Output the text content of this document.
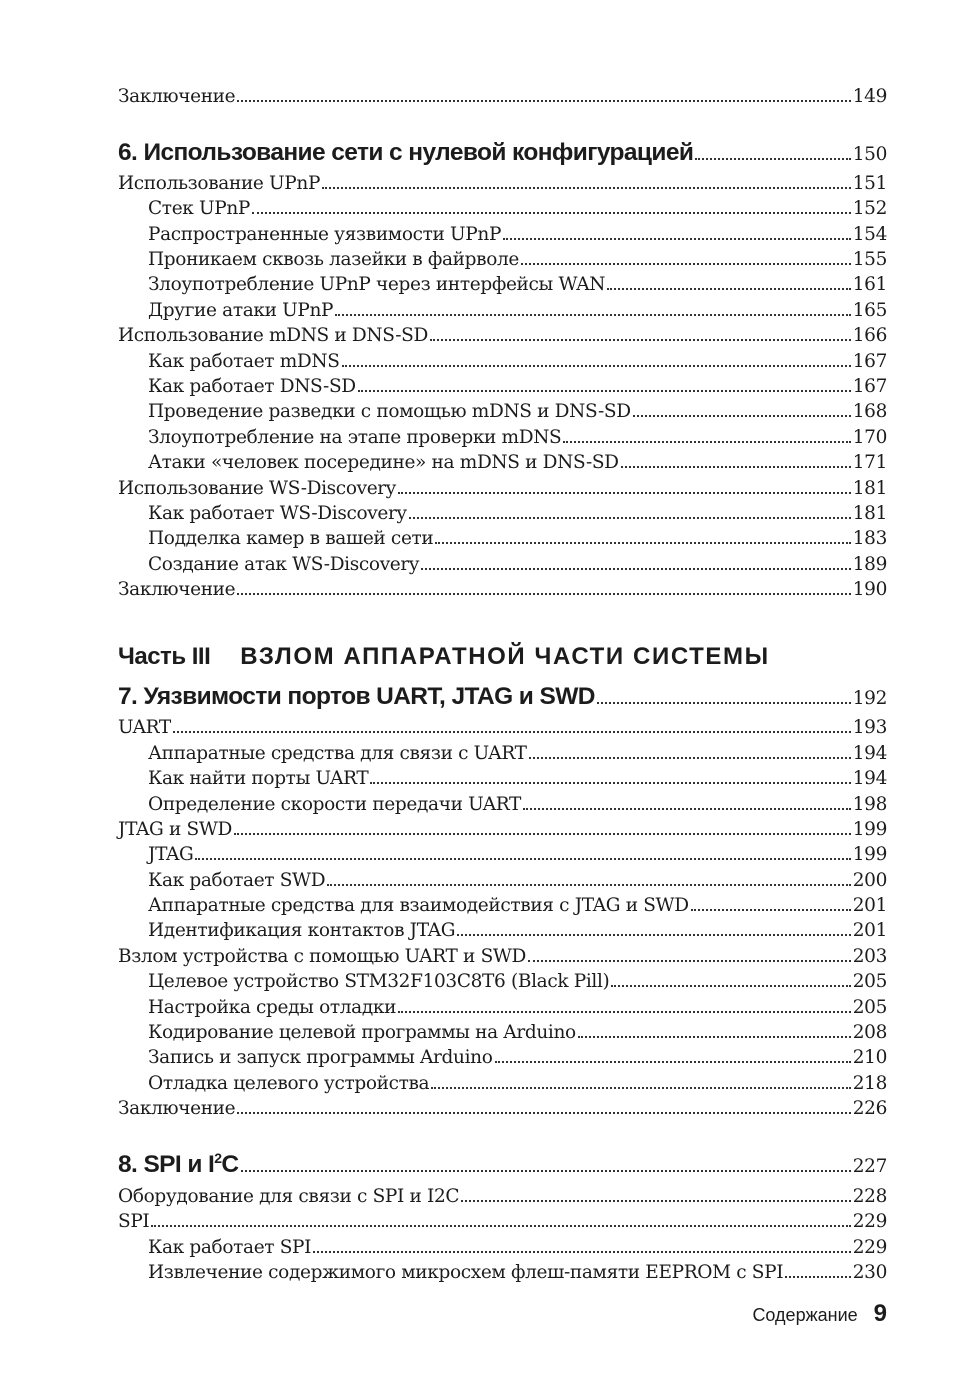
Заключение	149
6. Использование сети с нулевой конфигурацией	150
Использование UPnP	151
Стек UPnP	152
Распространенные уязвимости UPnP	154
Проникаем сквозь лазейки в файрволе	155
Злоупотребление UPnP через интерфейсы WAN	161
Другие атаки UPnP	165
Использование mDNS и DNS-SD	166
Как работает mDNS	167
Как работает DNS-SD	167
Проведение разведки с помощью mDNS и DNS-SD	168
Злоупотребление на этапе проверки mDNS	170
Атаки «человек посередине» на mDNS и DNS-SD	171
Использование WS-Discovery	181
Как работает WS-Discovery	181
Подделка камер в вашей сети	183
Создание атак WS-Discovery	189
Заключение	190
Часть III ВЗЛОМ АППАРАТНОЙ ЧАСТИ СИСТЕМЫ
7. Уязвимости портов UART, JTAG и SWD	192
UART	193
Аппаратные средства для связи с UART	194
Как найти порты UART	194
Определение скорости передачи UART	198
JTAG и SWD	199
JTAG	199
Как работает SWD	200
Аппаратные средства для взаимодействия с JTAG и SWD	201
Идентификация контактов JTAG	201
Взлом устройства с помощью UART и SWD	203
Целевое устройство STM32F103C8T6 (Black Pill)	205
Настройка среды отладки	205
Кодирование целевой программы на Arduino	208
Запись и запуск программы Arduino	210
Отладка целевого устройства	218
Заключение	226
8. SPI и $I^2C$	227
Оборудование для связи с SPI и I2C	228
SPI	229
Как работает SPI	229
Извлечение содержимого микросхем флеш-памяти EEPROM с SPI	230
Содержание 9
